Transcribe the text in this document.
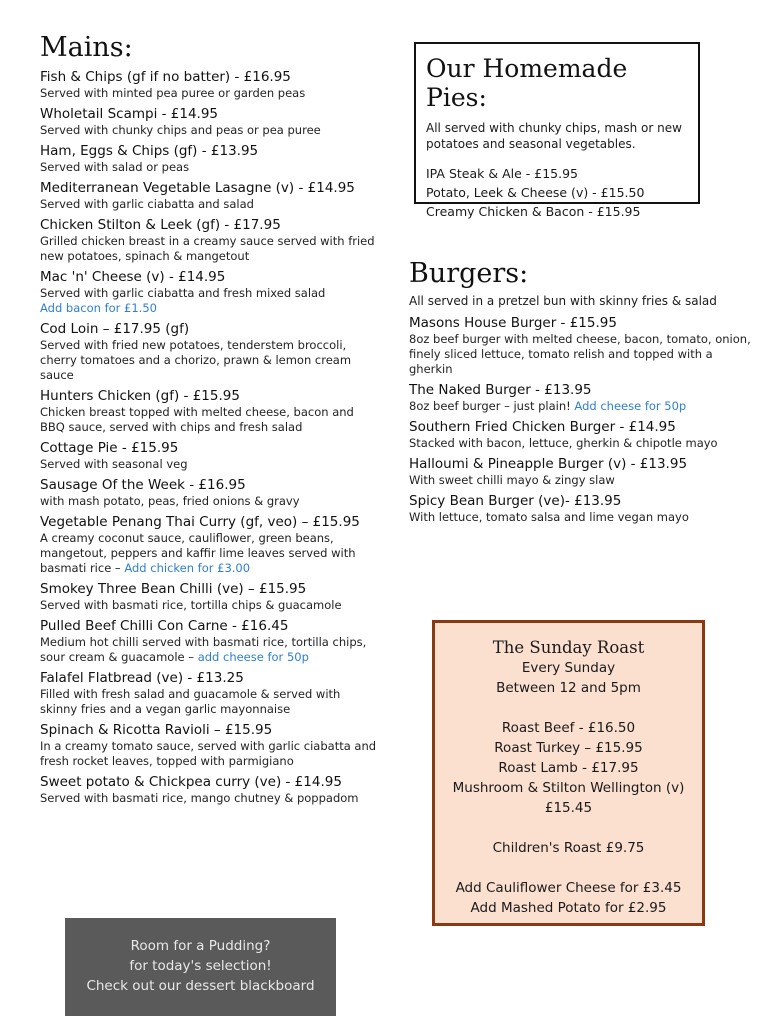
Mains:
Fish & Chips (gf if no batter) - £16.95
Served with minted pea puree or garden peas
Wholetail Scampi - £14.95
Served with chunky chips and peas or pea puree
Ham, Eggs & Chips (gf) - £13.95
Served with salad or peas
Mediterranean Vegetable Lasagne (v) - £14.95
Served with garlic ciabatta and salad
Chicken Stilton & Leek (gf) - £17.95
Grilled chicken breast in a creamy sauce served with fried new potatoes, spinach & mangetout
Mac 'n' Cheese (v) - £14.95
Served with garlic ciabatta and fresh mixed salad
Add bacon for £1.50
Cod Loin – £17.95 (gf)
Served with fried new potatoes, tenderstem broccoli, cherry tomatoes and a chorizo, prawn & lemon cream sauce
Hunters Chicken (gf) - £15.95
Chicken breast topped with melted cheese, bacon and BBQ sauce, served with chips and fresh salad
Cottage Pie - £15.95
Served with seasonal veg
Sausage Of the Week - £16.95
with mash potato, peas, fried onions & gravy
Vegetable Penang Thai Curry (gf, veo) – £15.95
A creamy coconut sauce, cauliflower, green beans, mangetout, peppers and kaffir lime leaves served with basmati rice – Add chicken for £3.00
Smokey Three Bean Chilli (ve) – £15.95
Served with basmati rice, tortilla chips & guacamole
Pulled Beef Chilli Con Carne - £16.45
Medium hot chilli served with basmati rice, tortilla chips, sour cream & guacamole – add cheese for 50p
Falafel Flatbread (ve) - £13.25
Filled with fresh salad and guacamole & served with skinny fries and a vegan garlic mayonnaise
Spinach & Ricotta Ravioli – £15.95
In a creamy tomato sauce, served with garlic ciabatta and fresh rocket leaves, topped with parmigiano
Sweet potato & Chickpea curry (ve) - £14.95
Served with basmati rice, mango chutney & poppadom
Our Homemade Pies:
All served with chunky chips, mash or new potatoes and seasonal vegetables.
IPA Steak & Ale - £15.95
Potato, Leek & Cheese (v) - £15.50
Creamy Chicken & Bacon - £15.95
Burgers:
All served in a pretzel bun with skinny fries & salad
Masons House Burger - £15.95
8oz beef burger with melted cheese, bacon, tomato, onion, finely sliced lettuce, tomato relish and topped with a gherkin
The Naked Burger - £13.95
8oz beef burger – just plain! Add cheese for 50p
Southern Fried Chicken Burger - £14.95
Stacked with bacon, lettuce, gherkin & chipotle mayo
Halloumi & Pineapple Burger (v) - £13.95
With sweet chilli mayo & zingy slaw
Spicy Bean Burger (ve)- £13.95
With lettuce, tomato salsa and lime vegan mayo
The Sunday Roast
Every Sunday
Between 12 and 5pm
Roast Beef - £16.50
Roast Turkey – £15.95
Roast Lamb - £17.95
Mushroom & Stilton Wellington (v)
£15.45
Children's Roast £9.75
Add Cauliflower Cheese for £3.45
Add Mashed Potato for £2.95
Room for a Pudding?
for today's selection!
Check out our dessert blackboard
